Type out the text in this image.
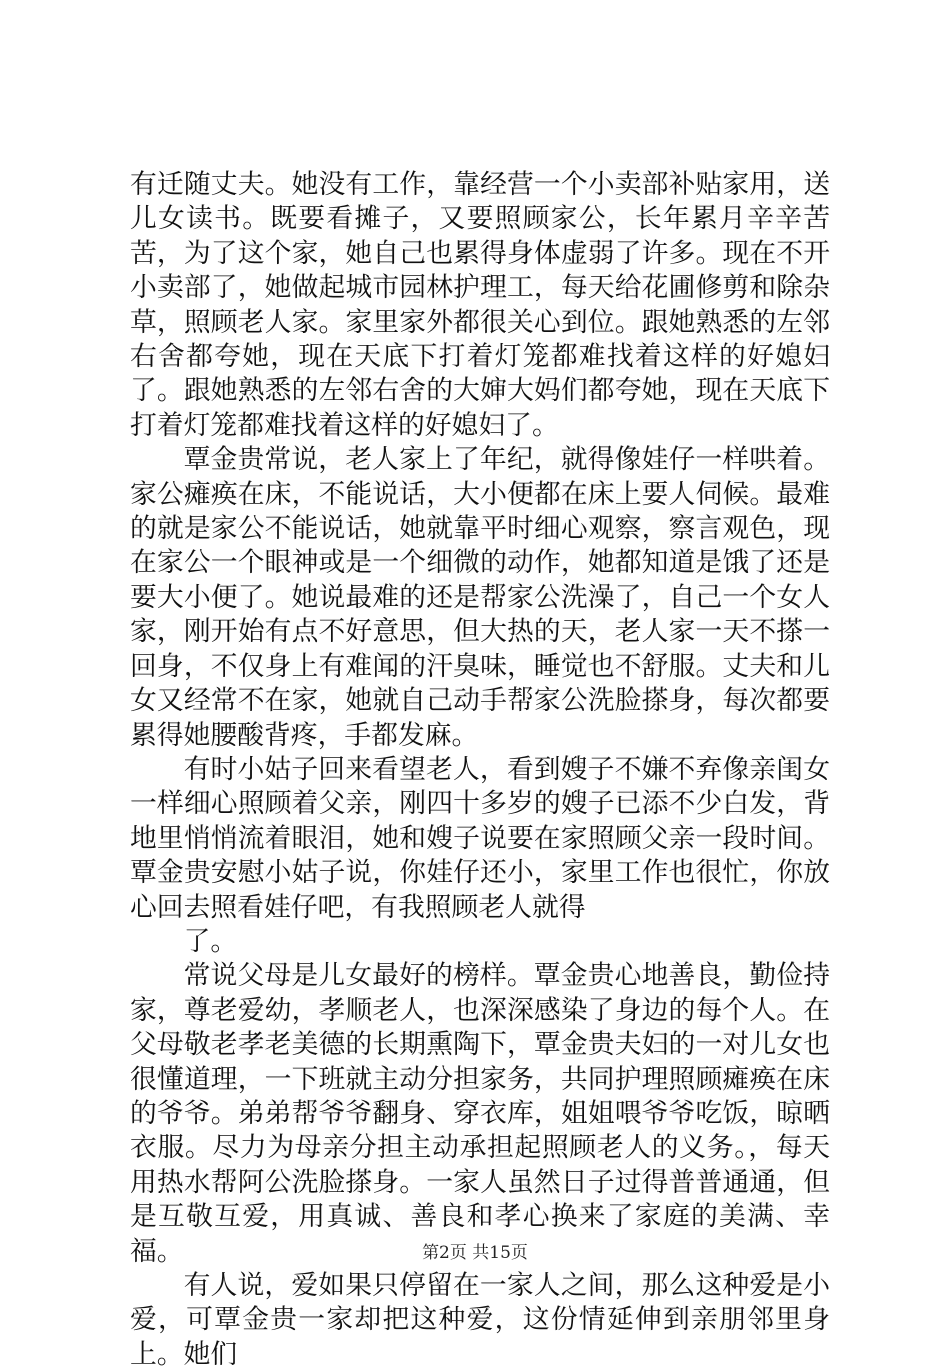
有迁随丈夫。她没有工作，靠经营一个小卖部补贴家用，送儿女读书。既要看摊子，又要照顾家公，长年累月辛辛苦苦，为了这个家，她自己也累得身体虚弱了许多。现在不开小卖部了，她做起城市园林护理工，每天给花圃修剪和除杂草，照顾老人家。家里家外都很关心到位。跟她熟悉的左邻右舍都夸她，现在天底下打着灯笼都难找着这样的好媳妇了。跟她熟悉的左邻右舍的大婶大妈们都夸她，现在天底下打着灯笼都难找着这样的好媳妇了。

覃金贵常说，老人家上了年纪，就得像娃仔一样哄着。家公瘫痪在床，不能说话，大小便都在床上要人伺候。最难的就是家公不能说话，她就靠平时细心观察，察言观色，现在家公一个眼神或是一个细微的动作，她都知道是饿了还是要大小便了。她说最难的还是帮家公洗澡了，自己一个女人家，刚开始有点不好意思，但大热的天，老人家一天不搽一回身，不仅身上有难闻的汗臭味，睡觉也不舒服。丈夫和儿女又经常不在家，她就自己动手帮家公洗脸搽身，每次都要累得她腰酸背疼，手都发麻。

有时小姑子回来看望老人，看到嫂子不嫌不弃像亲闺女一样细心照顾着父亲，刚四十多岁的嫂子已添不少白发，背地里悄悄流着眼泪，她和嫂子说要在家照顾父亲一段时间。覃金贵安慰小姑子说，你娃仔还小，家里工作也很忙，你放心回去照看娃仔吧，有我照顾老人就得

了。

常说父母是儿女最好的榜样。覃金贵心地善良，勤俭持家，尊老爱幼，孝顺老人，也深深感染了身边的每个人。在父母敬老孝老美德的长期熏陶下，覃金贵夫妇的一对儿女也很懂道理，一下班就主动分担家务，共同护理照顾瘫痪在床的爷爷。弟弟帮爷爷翻身、穿衣库，姐姐喂爷爷吃饭，晾晒衣服。尽力为母亲分担主动承担起照顾老人的义务。，每天用热水帮阿公洗脸搽身。一家人虽然日子过得普普通通，但是互敬互爱，用真诚、善良和孝心换来了家庭的美满、幸福。

有人说，爱如果只停留在一家人之间，那么这种爱是小爱，可覃金贵一家却把这种爱，这份情延伸到亲朋邻里身上。她们

第2页 共15页
